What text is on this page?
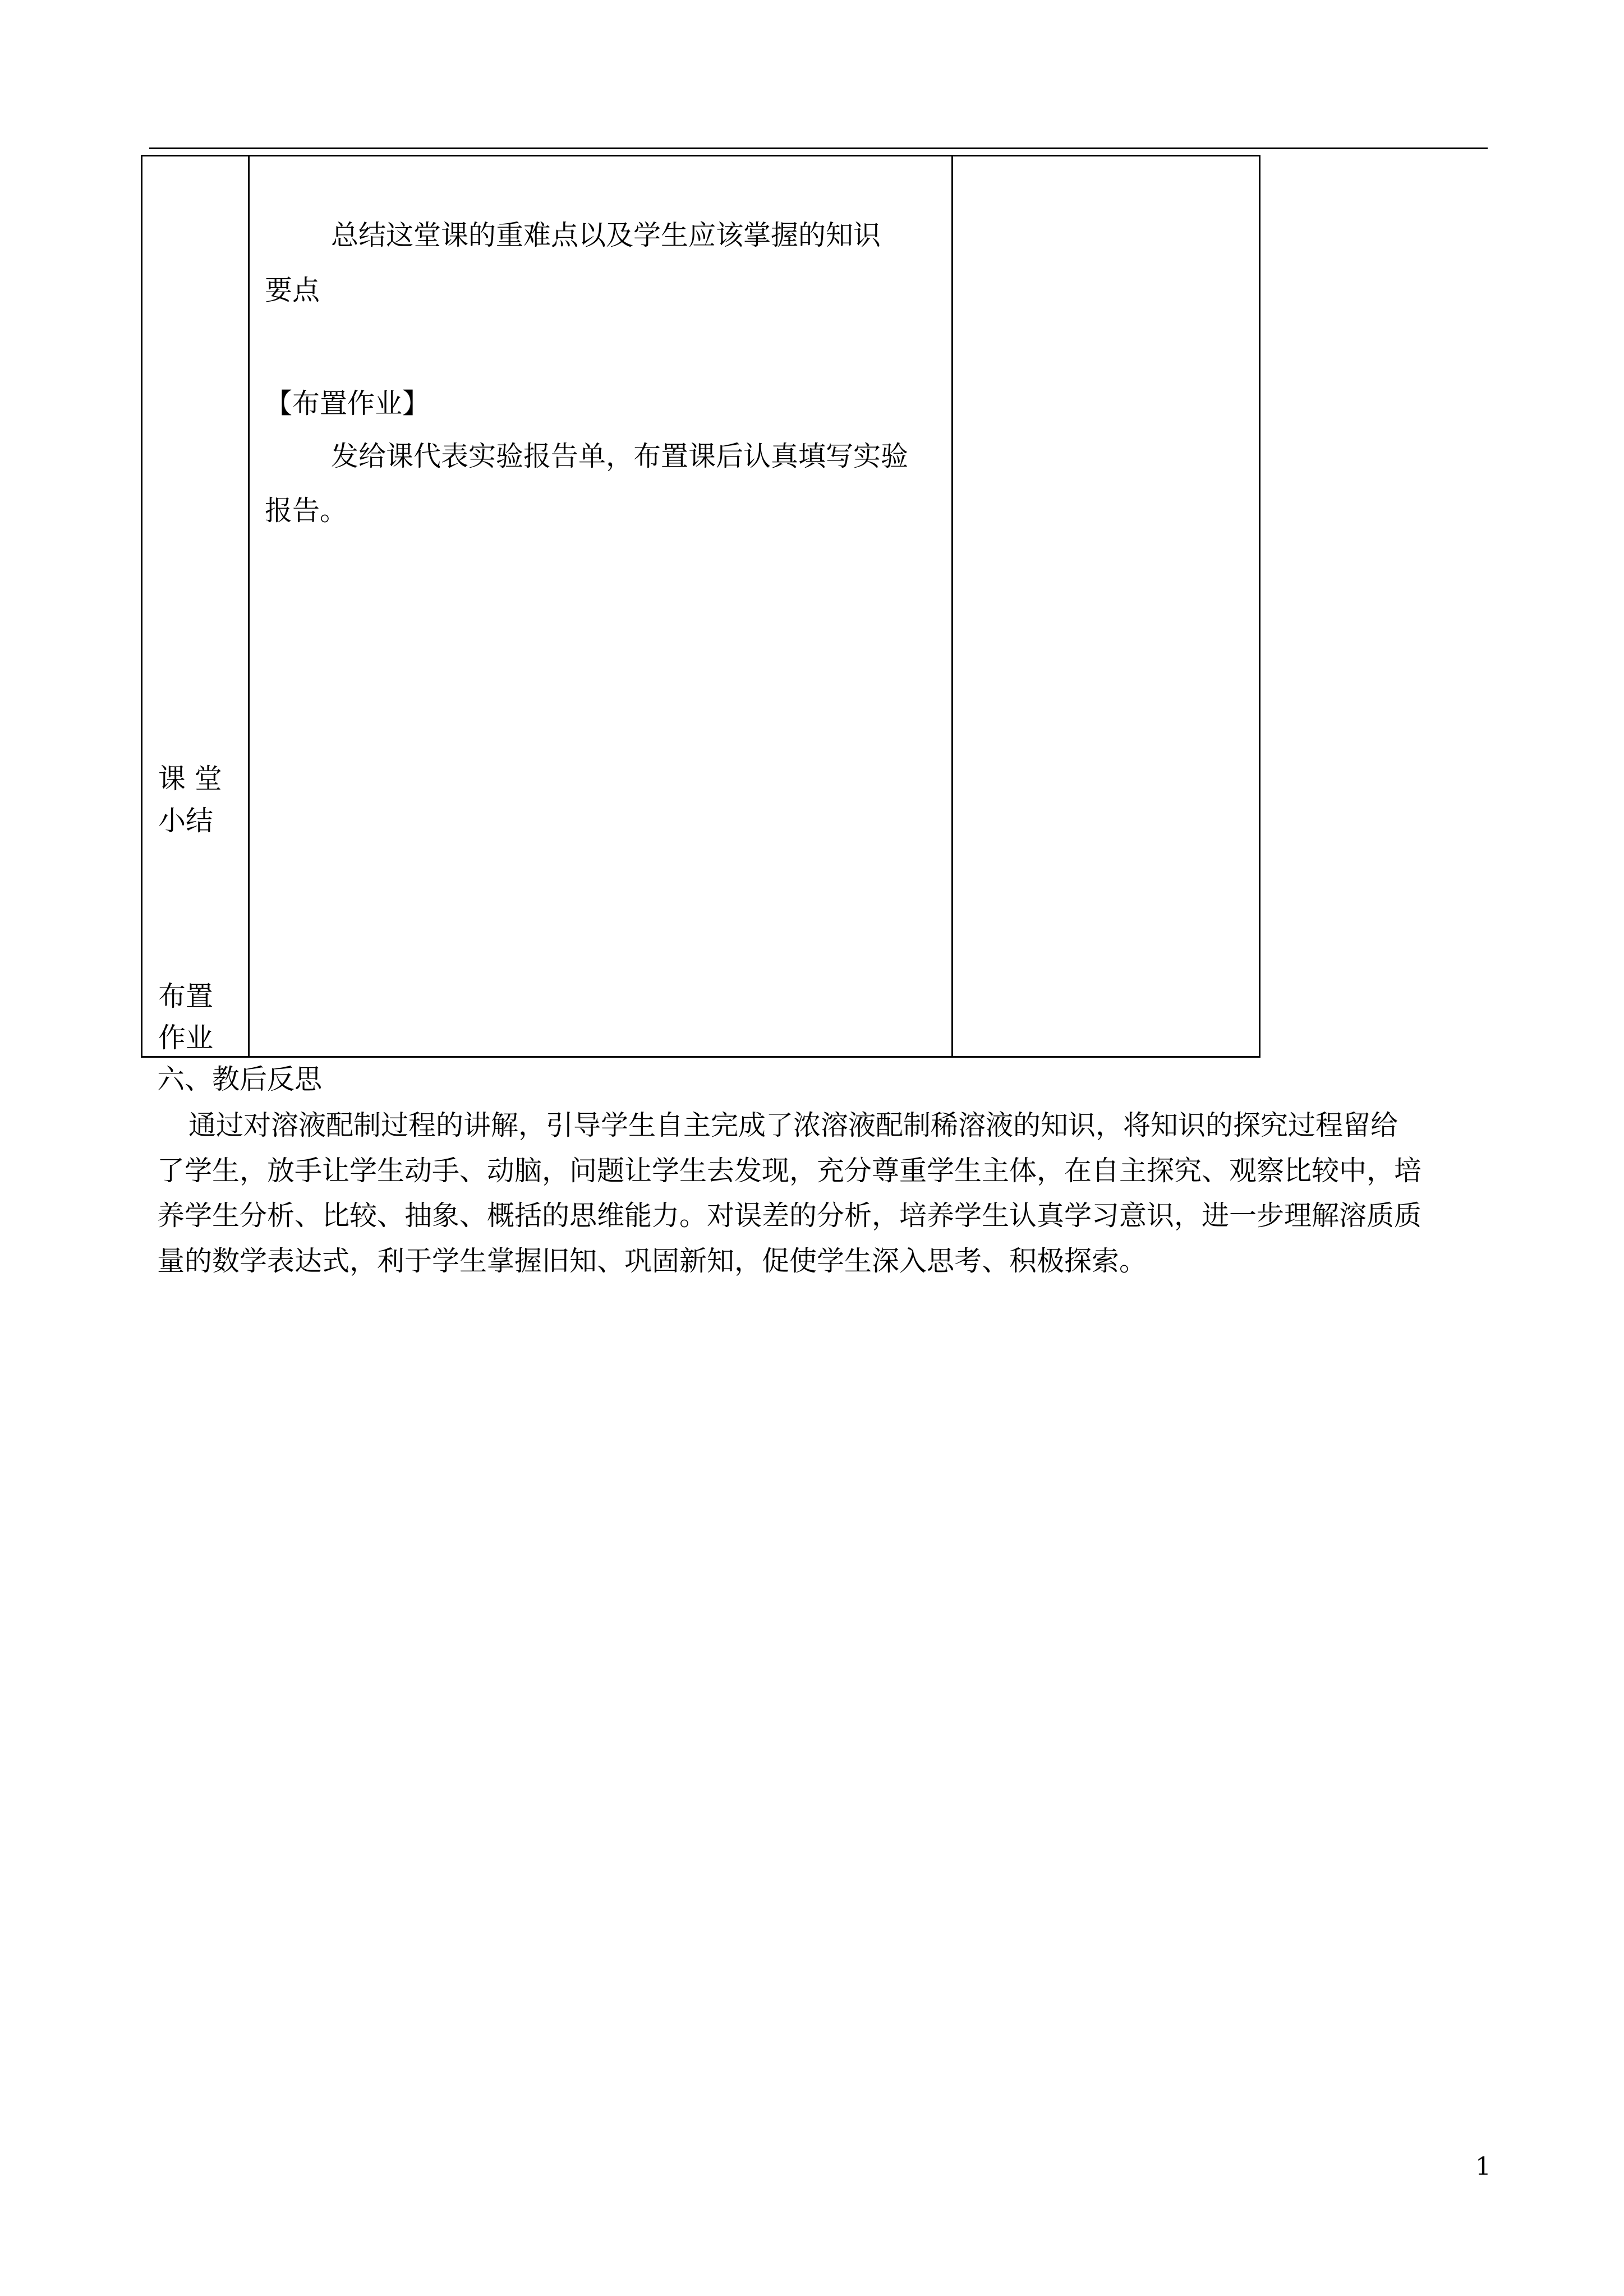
总结这堂课的重难点以及学生应该掌握的知识
要点
【布置作业】
发给课代表实验报告单，布置课后认真填写实验
报告。
课 堂
小结
布置
作业
六、教后反思
通过对溶液配制过程的讲解，引导学生自主完成了浓溶液配制稀溶液的知识，将知识的探究过程留给
了学生，放手让学生动手、动脑，问题让学生去发现，充分尊重学生主体，在自主探究、观察比较中，培
养学生分析、比较、抽象、概括的思维能力。对误差的分析，培养学生认真学习意识，进一步理解溶质质
量的数学表达式，利于学生掌握旧知、巩固新知，促使学生深入思考、积极探索。
1
